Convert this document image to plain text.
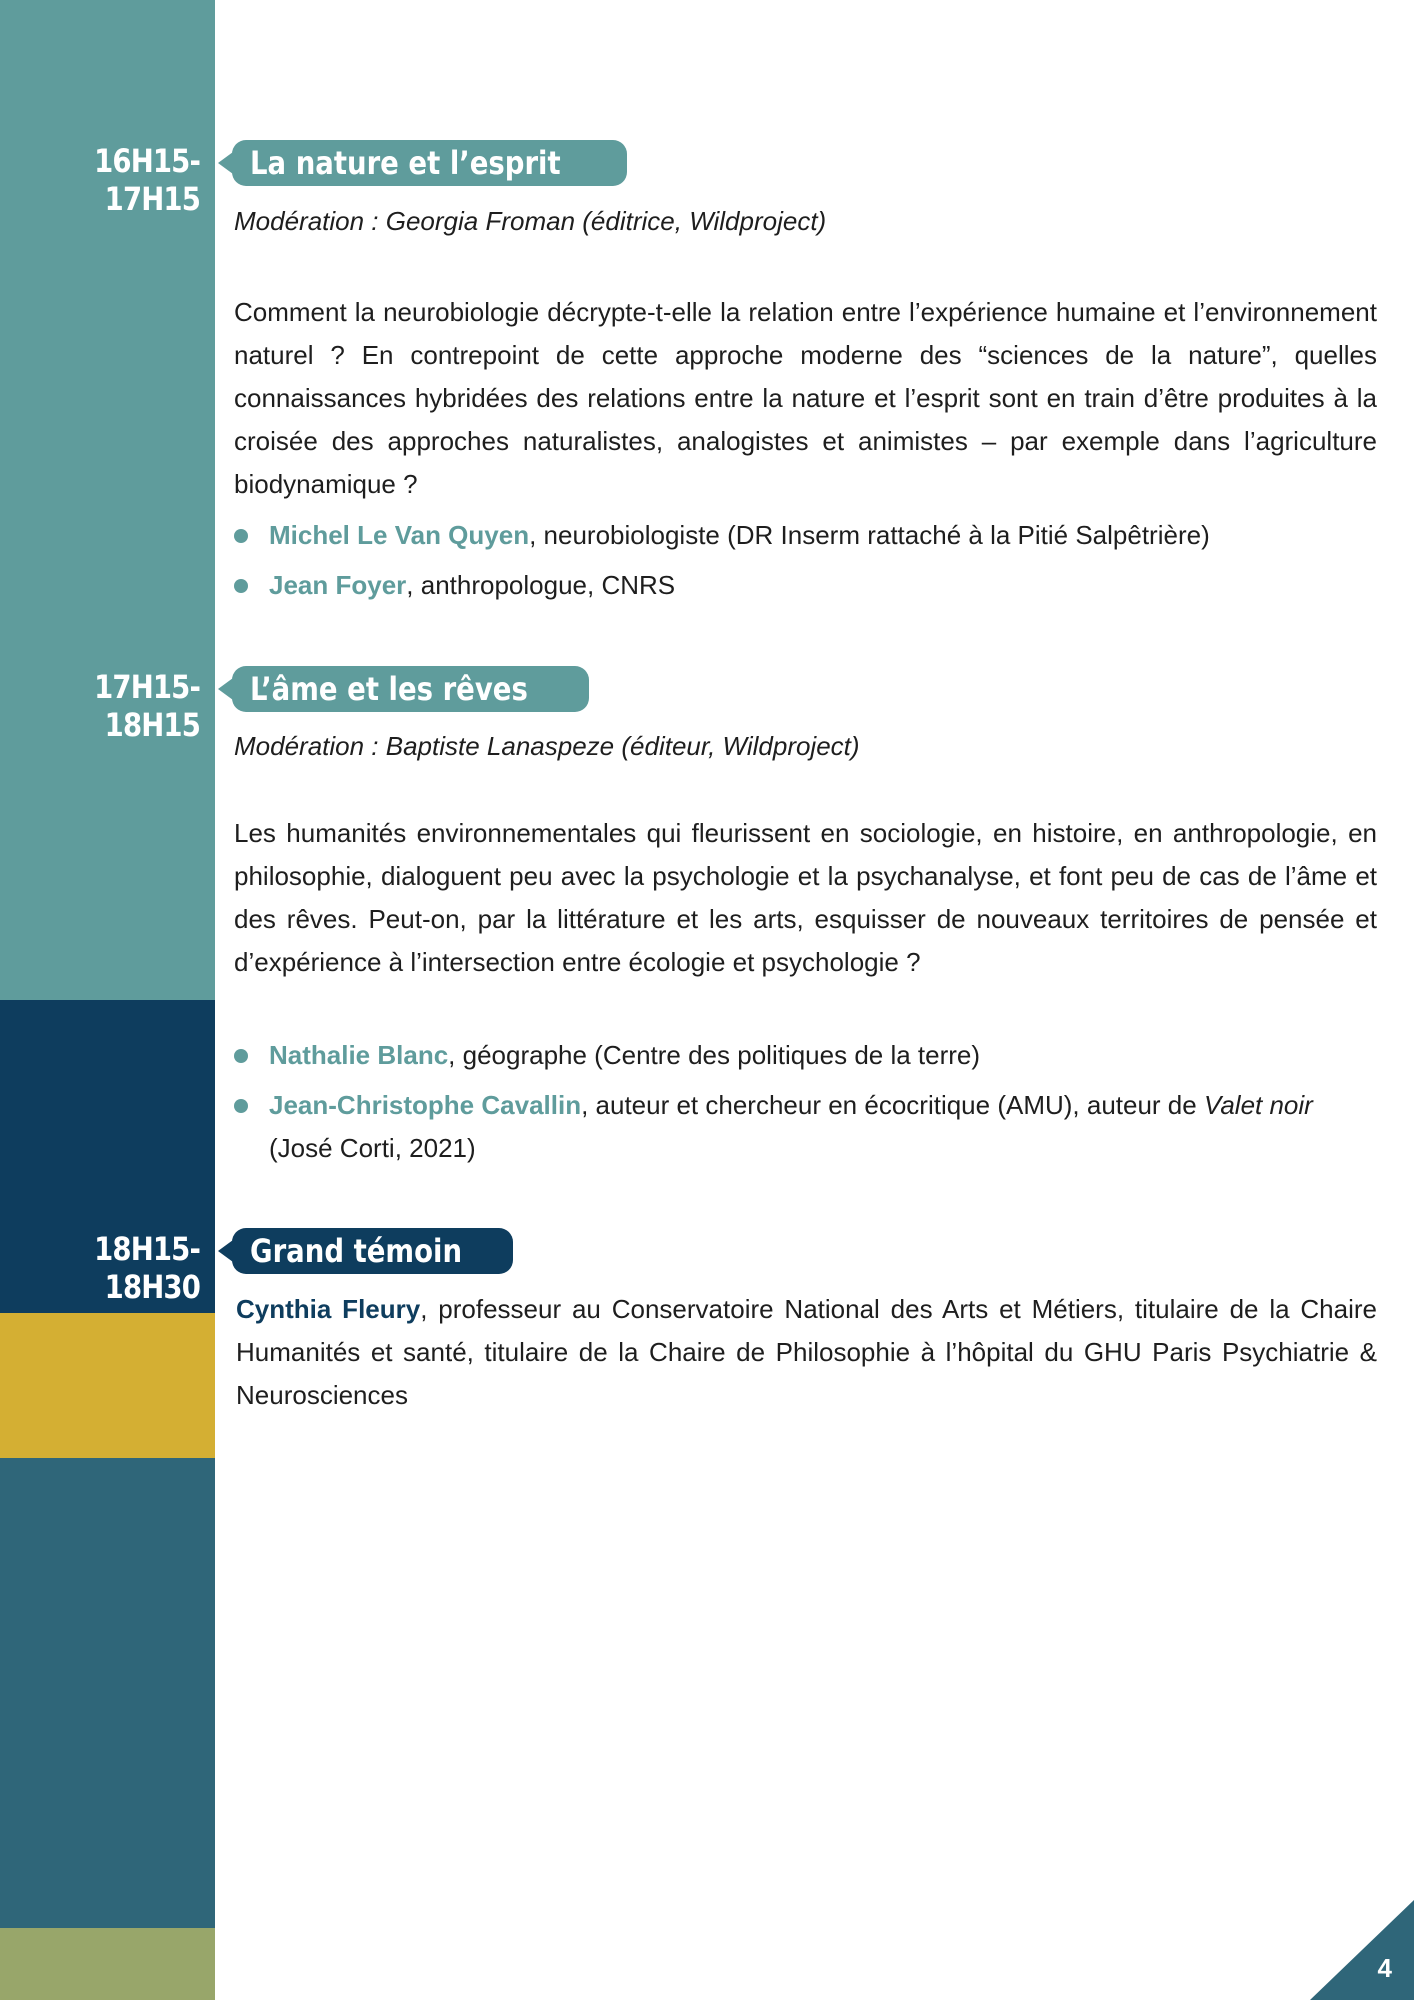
16H15-17H15
La nature et l’esprit
Modération : Georgia Froman (éditrice, Wildproject)

Comment la neurobiologie décrypte-t-elle la relation entre l’expérience humaine et l’environnement naturel ? En contrepoint de cette approche moderne des “sciences de la nature”, quelles connaissances hybridées des relations entre la nature et l’esprit sont en train d’être produites à la croisée des approches naturalistes, analogistes et animistes – par exemple dans l’agriculture biodynamique ?

Michel Le Van Quyen, neurobiologiste (DR Inserm rattaché à la Pitié Salpêtrière)
Jean Foyer, anthropologue, CNRS
17H15-18H15
L’âme et les rêves
Modération : Baptiste Lanaspeze (éditeur, Wildproject)

Les humanités environnementales qui fleurissent en sociologie, en histoire, en anthropologie, en philosophie, dialoguent peu avec la psychologie et la psychanalyse, et font peu de cas de l’âme et des rêves. Peut-on, par la littérature et les arts, esquisser de nouveaux territoires de pensée et d’expérience à l’intersection entre écologie et psychologie ?

Nathalie Blanc, géographe (Centre des politiques de la terre)
Jean-Christophe Cavallin, auteur et chercheur en écocritique (AMU), auteur de Valet noir (José Corti, 2021)
18H15-18H30
Grand témoin

Cynthia Fleury, professeur au Conservatoire National des Arts et Métiers, titulaire de la Chaire Humanités et santé, titulaire de la Chaire de Philosophie à l’hôpital du GHU Paris Psychiatrie & Neurosciences

4
